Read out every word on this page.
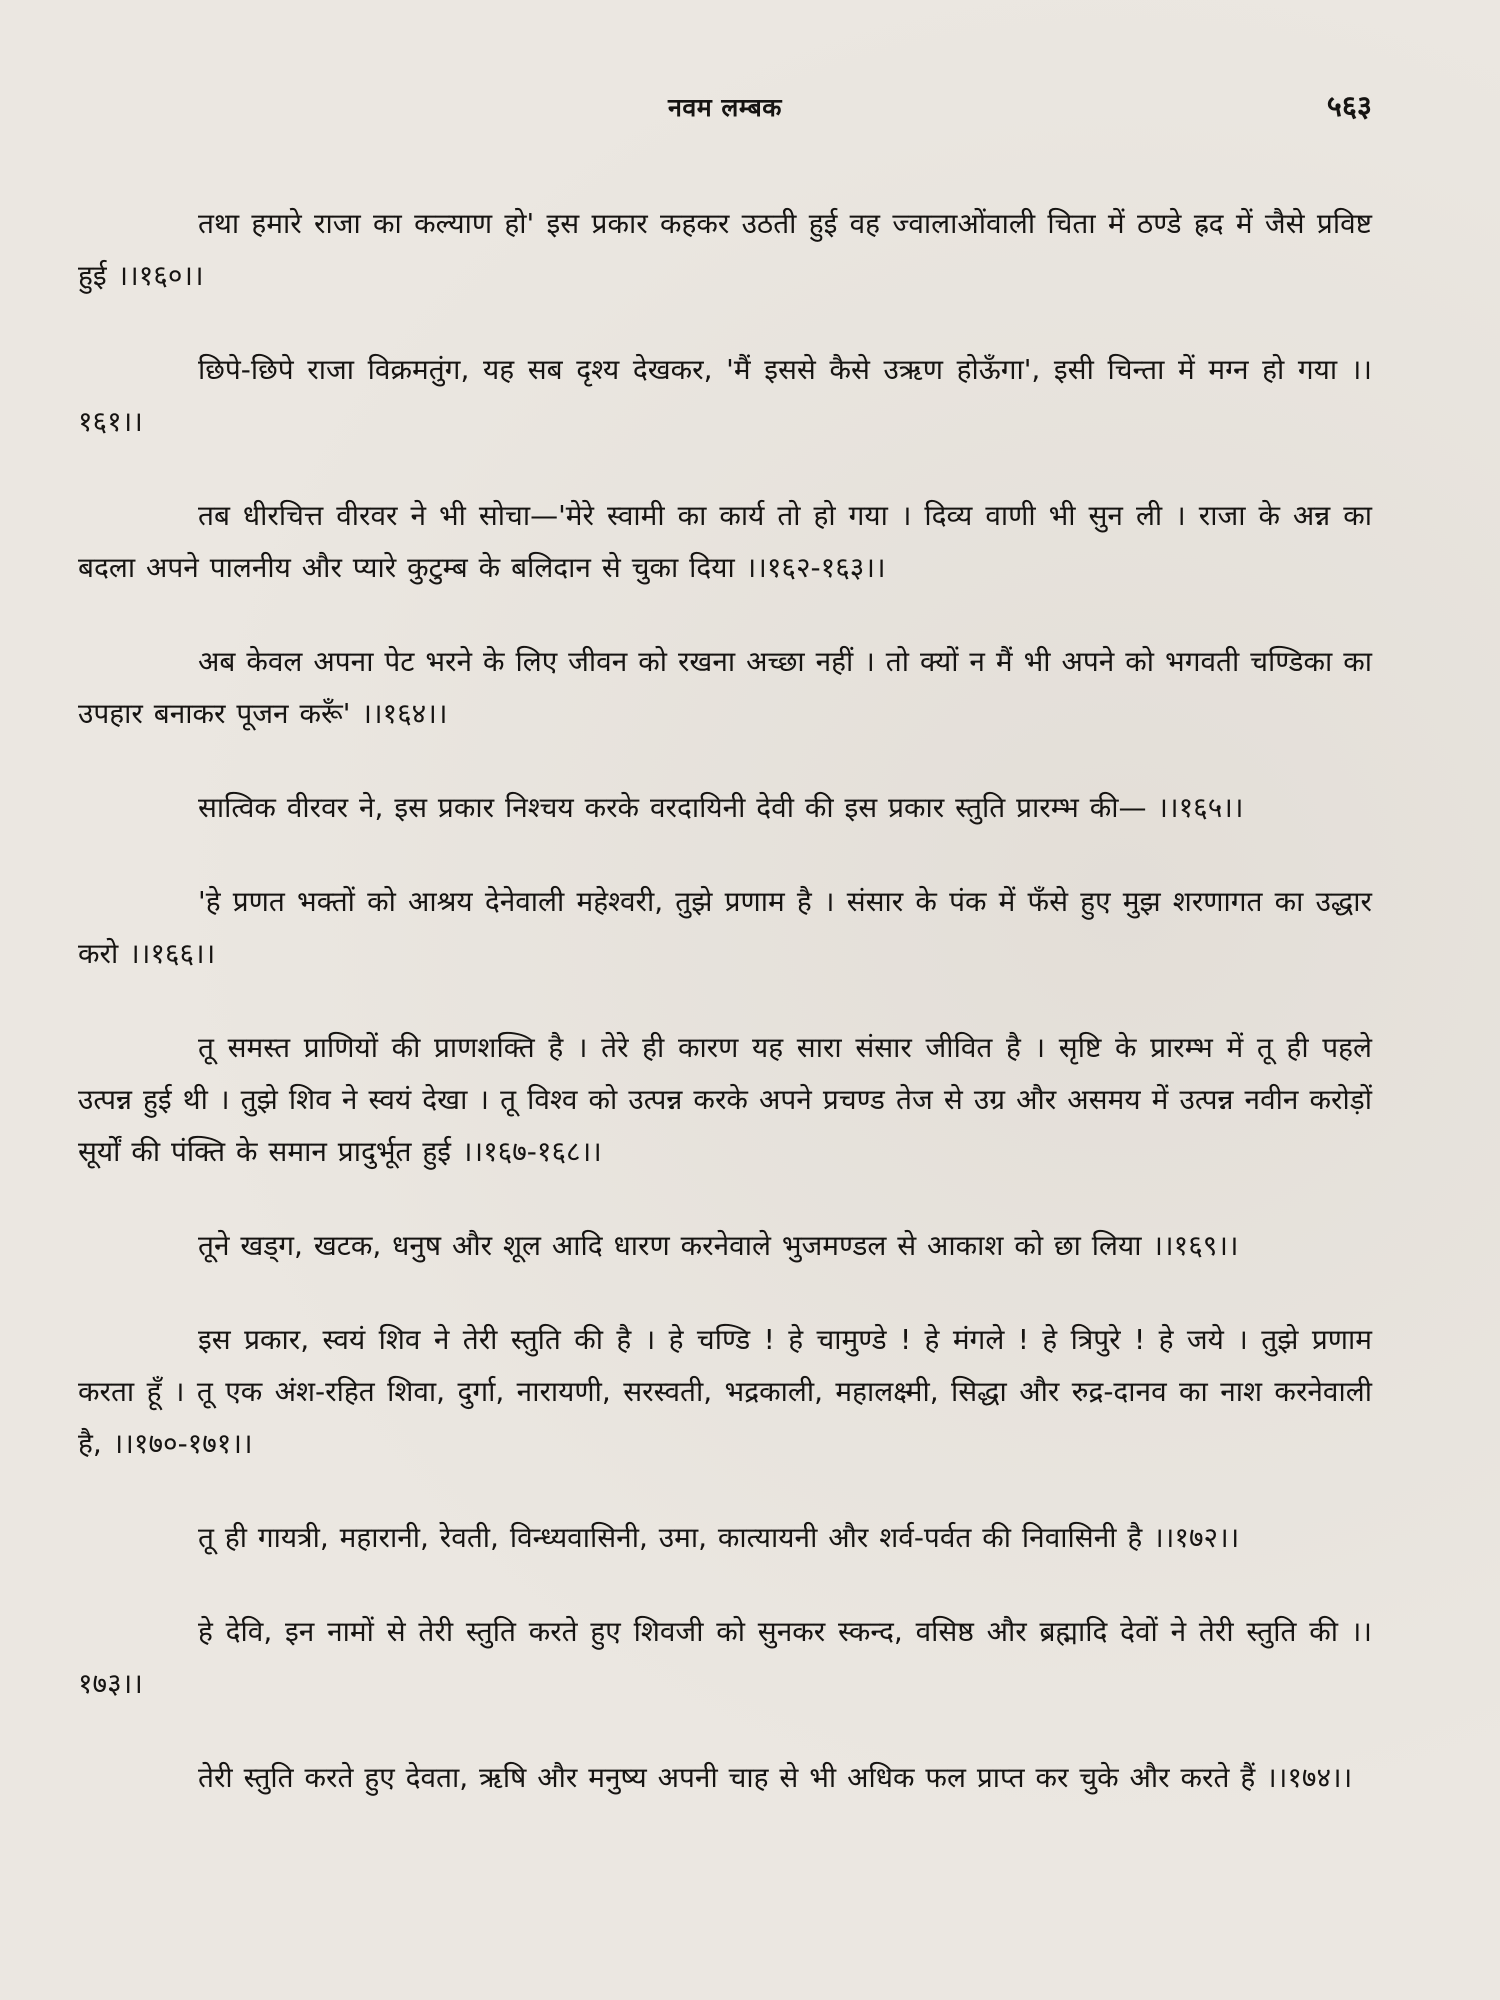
नवम लम्बक	५६३

तथा हमारे राजा का कल्याण हो' इस प्रकार कहकर उठती हुई वह ज्वालाओंवाली चिता में ठण्डे ह्रद में जैसे प्रविष्ट हुई ।।१६०।।

छिपे-छिपे राजा विक्रमतुंग, यह सब दृश्य देखकर, 'मैं इससे कैसे उऋण होऊँगा', इसी चिन्ता में मग्न हो गया ।।१६१।।

तब धीरचित्त वीरवर ने भी सोचा—'मेरे स्वामी का कार्य तो हो गया । दिव्य वाणी भी सुन ली । राजा के अन्न का बदला अपने पालनीय और प्यारे कुटुम्ब के बलिदान से चुका दिया ।।१६२-१६३।।

अब केवल अपना पेट भरने के लिए जीवन को रखना अच्छा नहीं । तो क्यों न मैं भी अपने को भगवती चण्डिका का उपहार बनाकर पूजन करूँ' ।।१६४।।

सात्विक वीरवर ने, इस प्रकार निश्चय करके वरदायिनी देवी की इस प्रकार स्तुति प्रारम्भ की— ।।१६५।।

'हे प्रणत भक्तों को आश्रय देनेवाली महेश्वरी, तुझे प्रणाम है । संसार के पंक में फँसे हुए मुझ शरणागत का उद्धार करो ।।१६६।।

तू समस्त प्राणियों की प्राणशक्ति है । तेरे ही कारण यह सारा संसार जीवित है । सृष्टि के प्रारम्भ में तू ही पहले उत्पन्न हुई थी । तुझे शिव ने स्वयं देखा । तू विश्व को उत्पन्न करके अपने प्रचण्ड तेज से उग्र और असमय में उत्पन्न नवीन करोड़ों सूर्यों की पंक्ति के समान प्रादुर्भूत हुई ।।१६७-१६८।।

तूने खड्ग, खटक, धनुष और शूल आदि धारण करनेवाले भुजमण्डल से आकाश को छा लिया ।।१६९।।

इस प्रकार, स्वयं शिव ने तेरी स्तुति की है । हे चण्डि ! हे चामुण्डे ! हे मंगले ! हे त्रिपुरे ! हे जये । तुझे प्रणाम करता हूँ । तू एक अंश-रहित शिवा, दुर्गा, नारायणी, सरस्वती, भद्रकाली, महालक्ष्मी, सिद्धा और रुद्र-दानव का नाश करनेवाली है, ।।१७०-१७१।।

तू ही गायत्री, महारानी, रेवती, विन्ध्यवासिनी, उमा, कात्यायनी और शर्व-पर्वत की निवासिनी है ।।१७२।।

हे देवि, इन नामों से तेरी स्तुति करते हुए शिवजी को सुनकर स्कन्द, वसिष्ठ और ब्रह्मादि देवों ने तेरी स्तुति की ।।१७३।।

तेरी स्तुति करते हुए देवता, ऋषि और मनुष्य अपनी चाह से भी अधिक फल प्राप्त कर चुके और करते हैं ।।१७४।।
